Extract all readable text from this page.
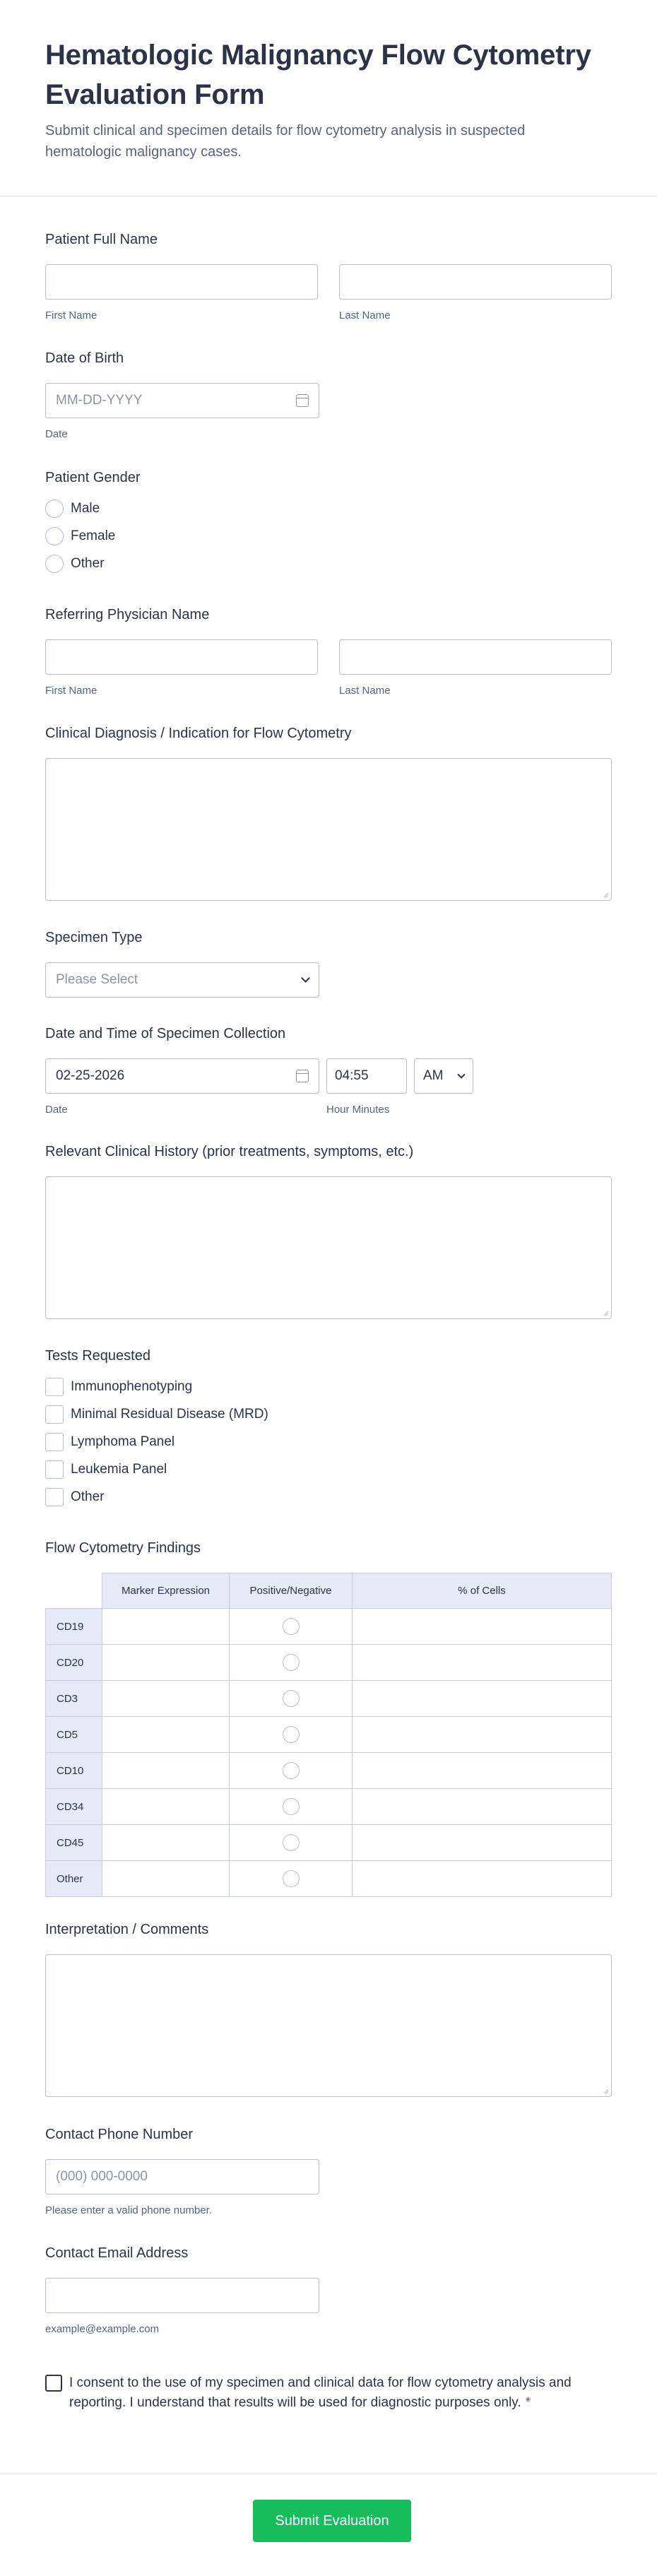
Hematologic Malignancy Flow Cytometry Evaluation Form
Submit clinical and specimen details for flow cytometry analysis in suspected hematologic malignancy cases.
Patient Full Name
First Name	Last Name
Date of Birth
MM-DD-YYYY
Date
Patient Gender
Male
Female
Other
Referring Physician Name
First Name	Last Name
Clinical Diagnosis / Indication for Flow Cytometry
Specimen Type
Please Select
Date and Time of Specimen Collection
02-25-2026
Date
04:55
Hour Minutes
AM
Relevant Clinical History (prior treatments, symptoms, etc.)
Tests Requested
Immunophenotyping
Minimal Residual Disease (MRD)
Lymphoma Panel
Leukemia Panel
Other
Flow Cytometry Findings
	Marker Expression	Positive/Negative	% of Cells
CD19		

CD20		

CD3		

CD5		

CD10		

CD34		

CD45		

Other		

Interpretation / Comments
Contact Phone Number
(000) 000-0000
Please enter a valid phone number.
Contact Email Address
example@example.com
I consent to the use of my specimen and clinical data for flow cytometry analysis and reporting. I understand that results will be used for diagnostic purposes only. *
Submit Evaluation
